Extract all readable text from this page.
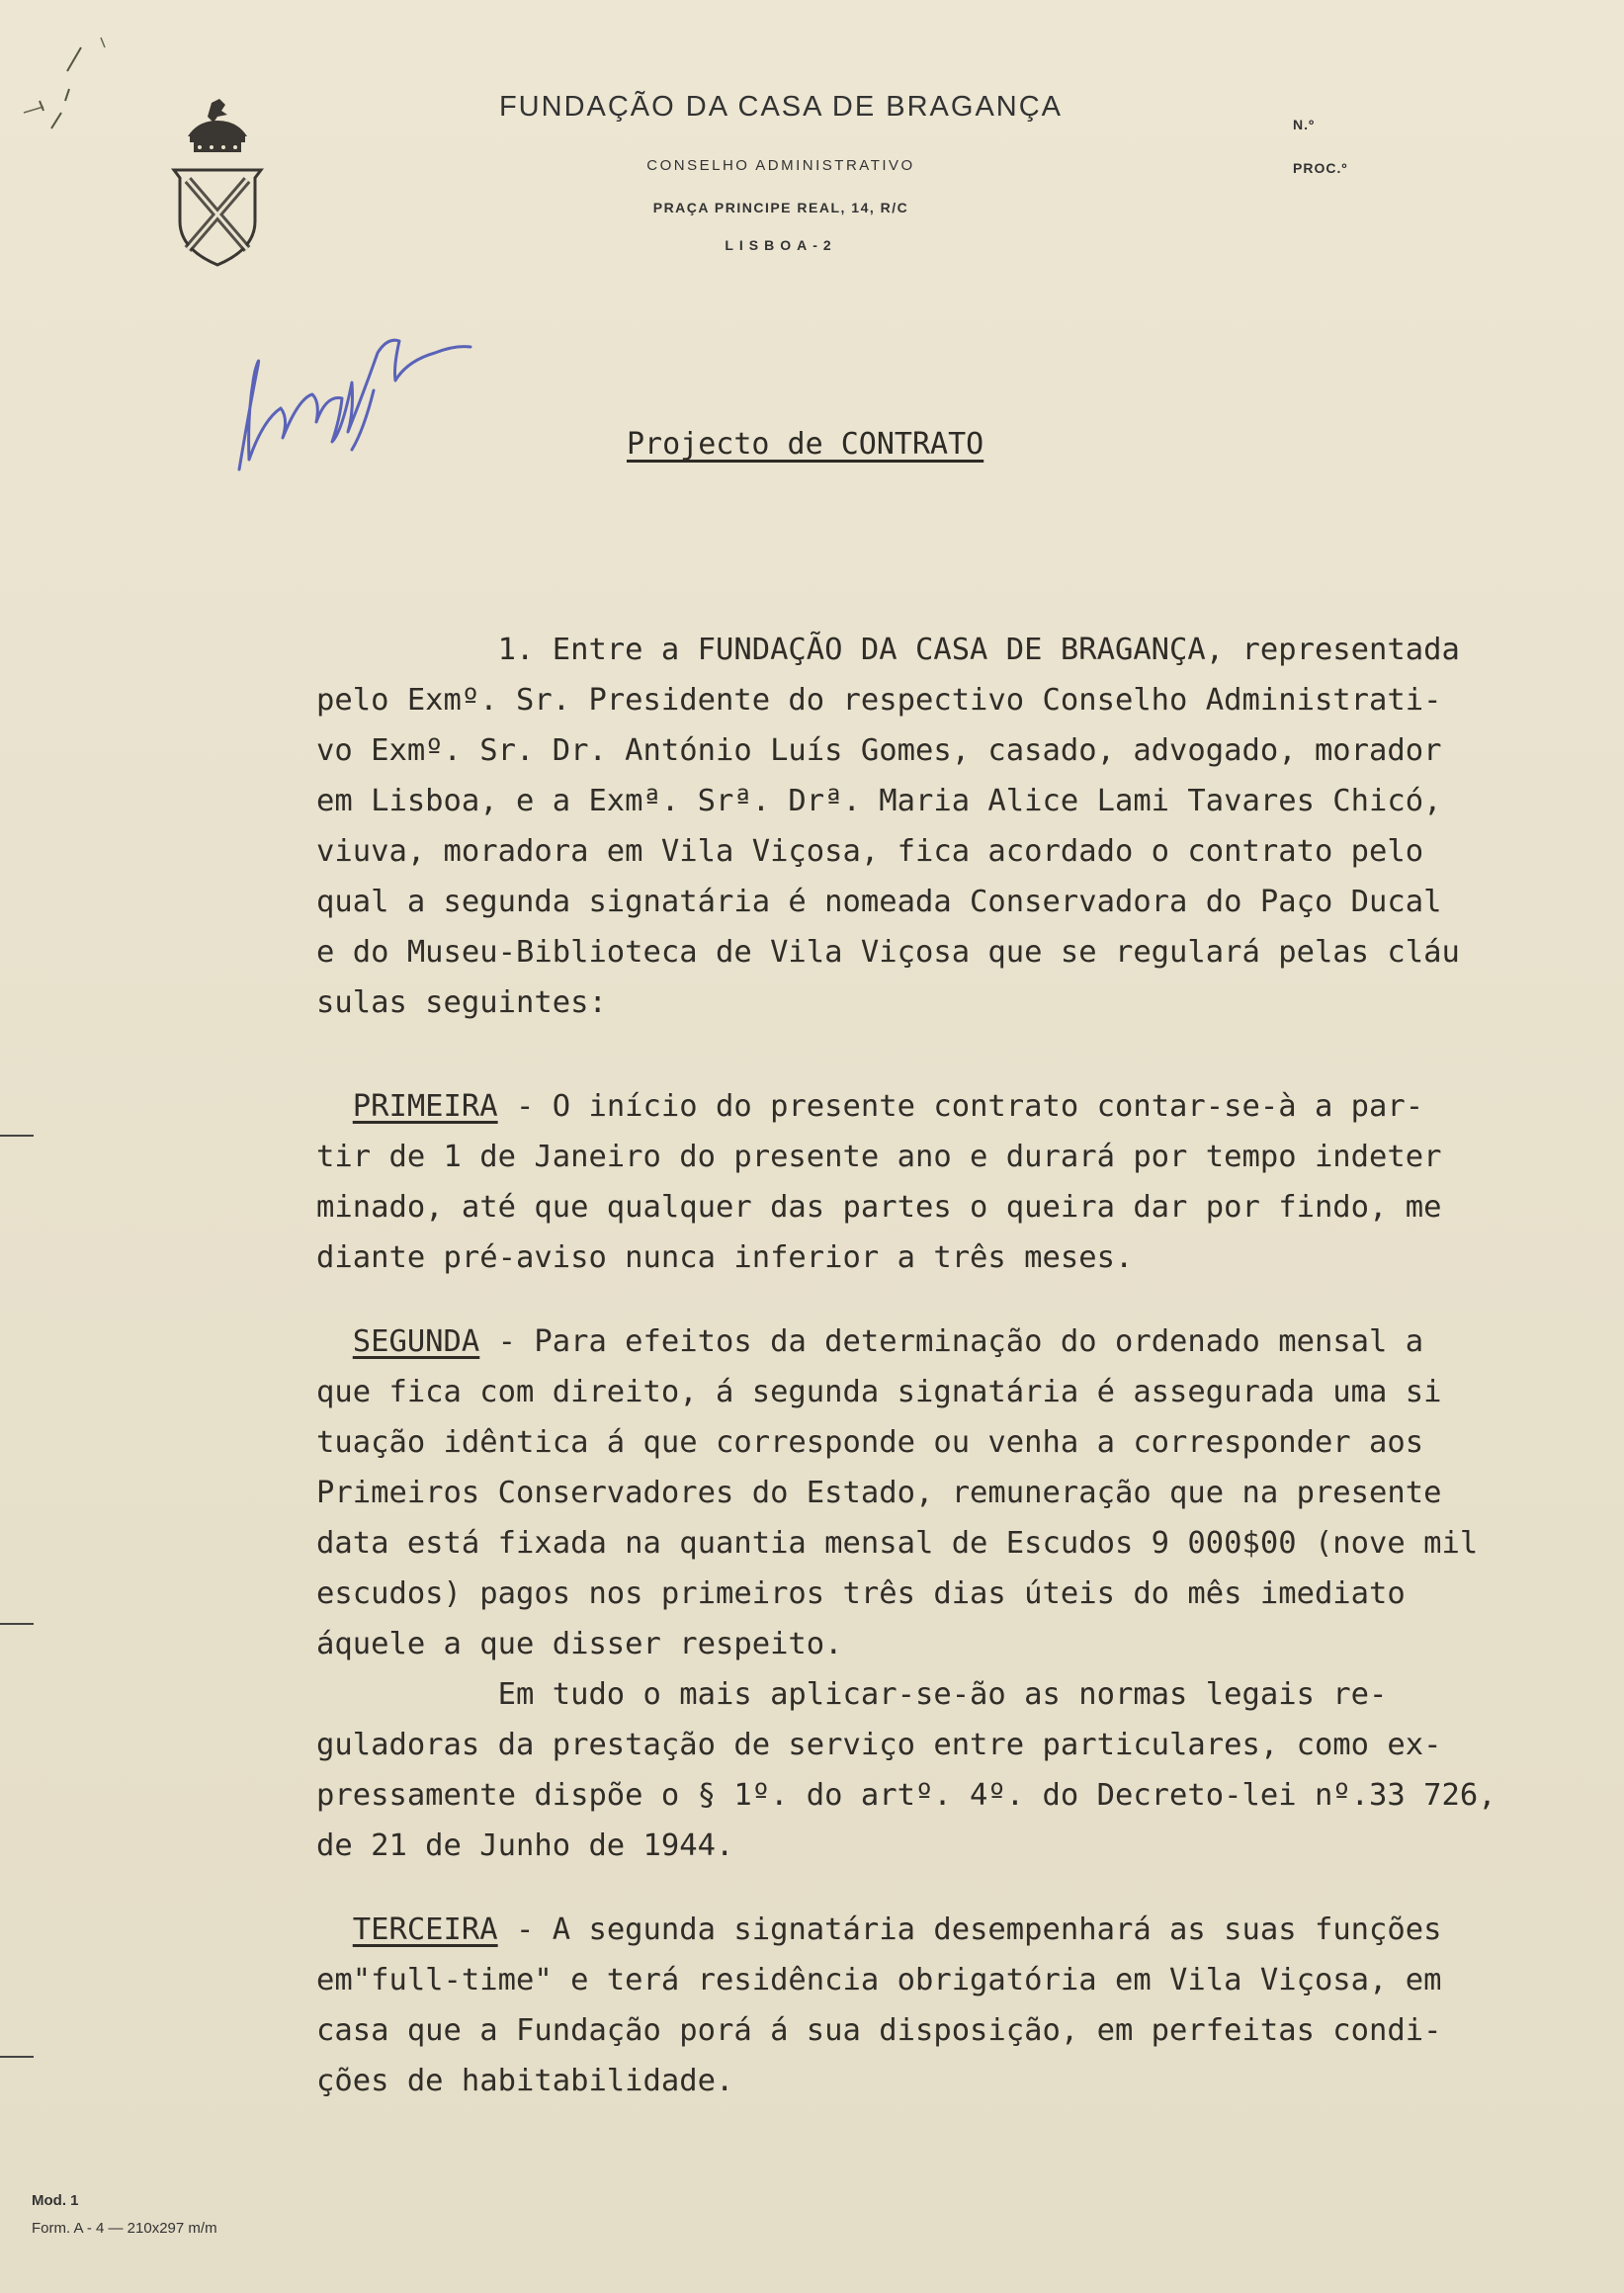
FUNDAÇÃO DA CASA DE BRAGANÇA

CONSELHO ADMINISTRATIVO
PRAÇA PRINCIPE REAL, 14, R/C
LISBOA-2
N.º
PROC.º
Projecto de CONTRATO
1. Entre a FUNDAÇÃO DA CASA DE BRAGANÇA, representada
pelo Exmº. Sr. Presidente do respectivo Conselho Administrati-
vo Exmº. Sr. Dr. António Luís Gomes, casado, advogado, morador
em Lisboa, e a Exmª. Srª. Drª. Maria Alice Lami Tavares Chicó,
viuva, moradora em Vila Viçosa, fica acordado o contrato pelo
qual a segunda signatária é nomeada Conservadora do Paço Ducal
e do Museu-Biblioteca de Vila Viçosa que se regulará pelas cláu
sulas seguintes:
PRIMEIRA - O início do presente contrato contar-se-à a par-
tir de 1 de Janeiro do presente ano e durará por tempo indeter
minado, até que qualquer das partes o queira dar por findo, me
diante pré-aviso nunca inferior a três meses.
SEGUNDA - Para efeitos da determinação do ordenado mensal a
que fica com direito, á segunda signatária é assegurada uma si
tuação idêntica á que corresponde ou venha a corresponder aos
Primeiros Conservadores do Estado, remuneração que na presente
data está fixada na quantia mensal de Escudos 9 000$00 (nove mil
escudos) pagos nos primeiros três dias úteis do mês imediato
áquele a que disser respeito.
Em tudo o mais aplicar-se-ão as normas legais re-
guladoras da prestação de serviço entre particulares, como ex-
pressamente dispõe o § 1º. do artº. 4º. do Decreto-lei nº.33 726,
de 21 de Junho de 1944.
TERCEIRA - A segunda signatária desempenhará as suas funções
em"full-time" e terá residência obrigatória em Vila Viçosa, em
casa que a Fundação porá á sua disposição, em perfeitas condi-
ções de habitabilidade.
Mod. 1
Form. A - 4 — 210x297 m/m
